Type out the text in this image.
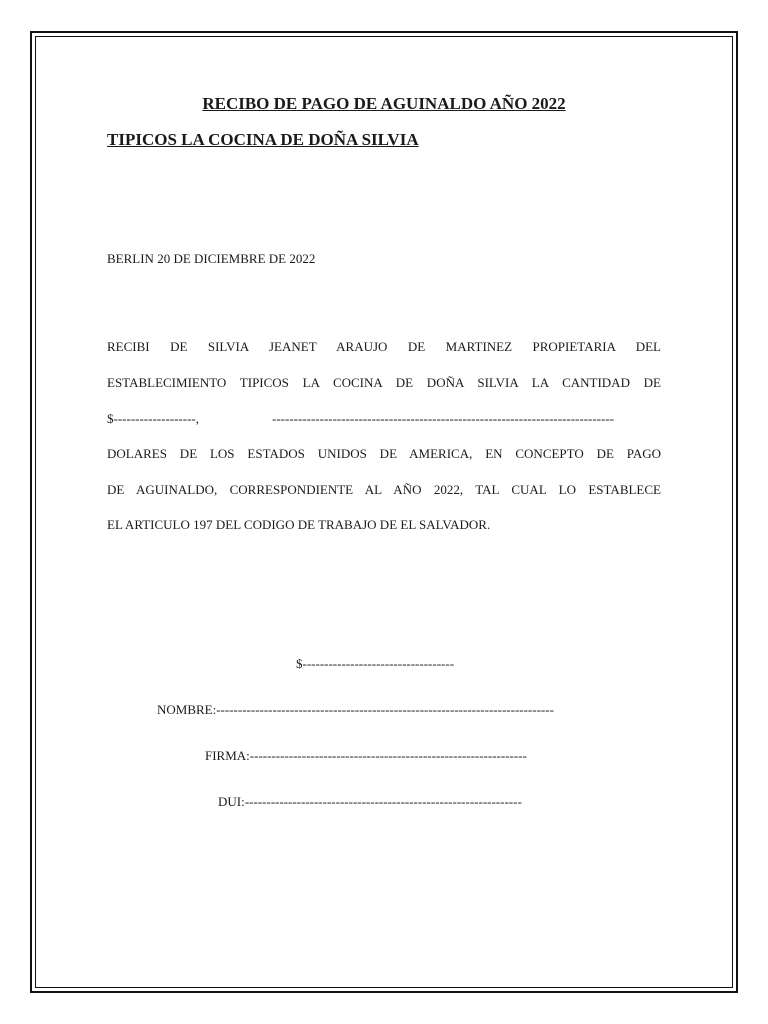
RECIBO DE PAGO DE AGUINALDO AÑO 2022
TIPICOS LA COCINA DE DOÑA SILVIA
BERLIN 20 DE DICIEMBRE DE 2022
RECIBI DE SILVIA JEANET ARAUJO DE MARTINEZ PROPIETARIA DEL
ESTABLECIMIENTO TIPICOS LA COCINA DE DOÑA SILVIA LA CANTIDAD DE
$-------------------,	-------------------------------------------------------------------------------
DOLARES DE LOS ESTADOS UNIDOS DE AMERICA, EN CONCEPTO DE PAGO
DE AGUINALDO, CORRESPONDIENTE AL AÑO 2022, TAL CUAL LO ESTABLECE
EL ARTICULO 197 DEL CODIGO DE TRABAJO DE EL SALVADOR.
$-----------------------------------
NOMBRE:------------------------------------------------------------------------------
FIRMA:----------------------------------------------------------------
DUI:----------------------------------------------------------------
